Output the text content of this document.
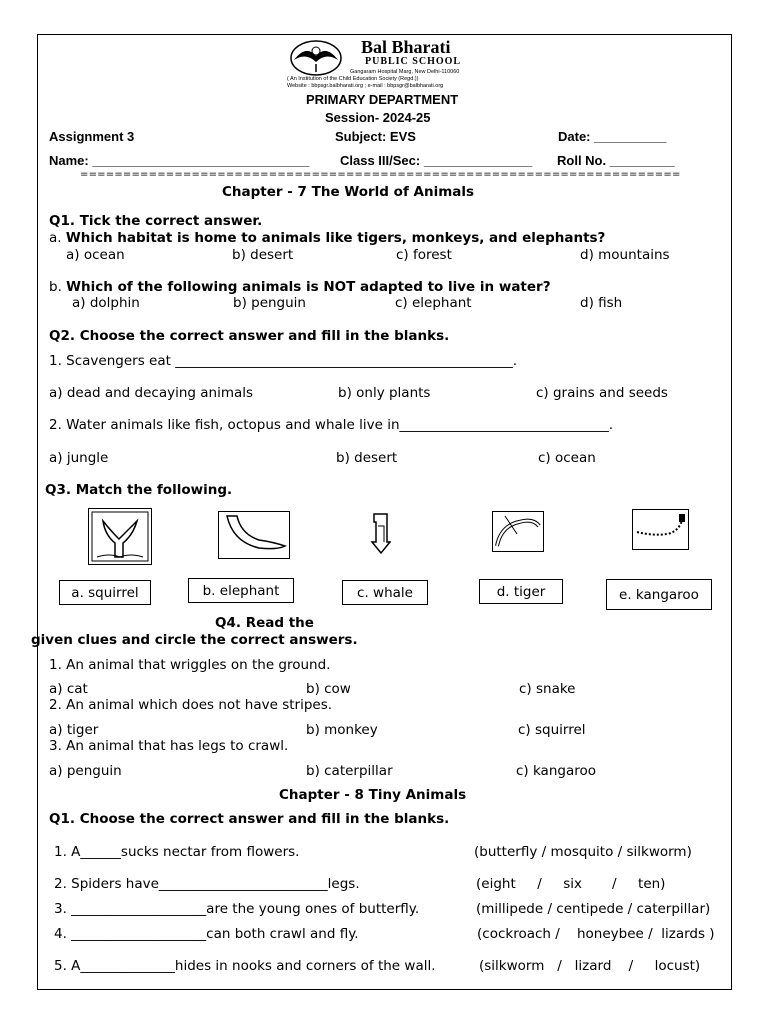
Bal Bharati
PUBLIC SCHOOL
Gangaram Hospital Marg, New Delhi-110060
( An Institution of the Child Education Society (Regd.))
Website : bbpsgr.balbharati.org ; e-mail : bbpsgr@balbharati.org
PRIMARY DEPARTMENT
Session- 2024-25
Assignment 3	Subject: EVS	Date: __________
Name: ______________________________ Class III/Sec: _______________ Roll No. _________
======================================================================
Chapter - 7 The World of Animals
Q1. Tick the correct answer.
a. Which habitat is home to animals like tigers, monkeys, and elephants?
a) ocean	b) desert	c) forest	d) mountains
b. Which of the following animals is NOT adapted to live in water?
a) dolphin	b) penguin	c) elephant	d) fish
Q2. Choose the correct answer and fill in the blanks.
1. Scavengers eat __________________________________________________.
a) dead and decaying animals	b) only plants	c) grains and seeds
2. Water animals like fish, octopus and whale live in_______________________________.
a) jungle	b) desert	c) ocean
Q3. Match the following.
a. squirrel	b. elephant	c. whale	d. tiger	e. kangaroo
Q4. Read the
given clues and circle the correct answers.
1. An animal that wriggles on the ground.
a) cat	b) cow	c) snake
2. An animal which does not have stripes.
a) tiger	b) monkey	c) squirrel
3. An animal that has legs to crawl.
a) penguin	b) caterpillar	c) kangaroo
Chapter - 8 Tiny Animals
Q1. Choose the correct answer and fill in the blanks.
1. A______sucks nectar from flowers.	(butterfly / mosquito / silkworm)
2. Spiders have_________________________legs.	(eight     /     six       /     ten)
3. ____________________are the young ones of butterfly.	(millipede / centipede / caterpillar)
4. ____________________can both crawl and fly.	(cockroach /    honeybee /  lizards )
5. A______________hides in nooks and corners of the wall.	(silkworm   /   lizard    /     locust)
